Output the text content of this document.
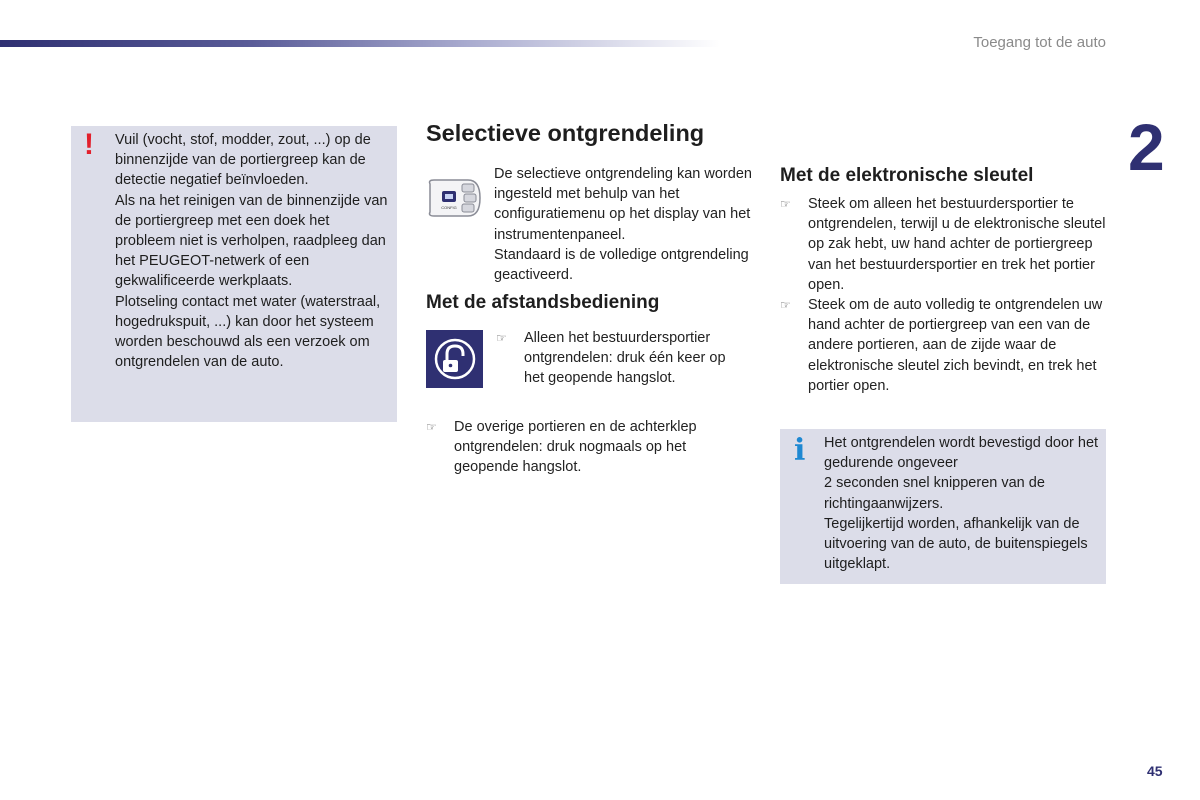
Toegang tot de auto
2
! Vuil (vocht, stof, modder, zout, ...) op de binnenzijde van de portiergreep kan de detectie negatief beïnvloeden.

Als na het reinigen van de binnenzijde van de portiergreep met een doek het probleem niet is verholpen, raadpleeg dan het PEUGEOT-netwerk of een gekwalificeerde werkplaats.

Plotseling contact met water (waterstraal, hogedrukspuit, ...) kan door het systeem worden beschouwd als een verzoek om ontgrendelen van de auto.

Selectieve ontgrendeling
CONFIG

De selectieve ontgrendeling kan worden ingesteld met behulp van het configuratiemenu op het display van het instrumentenpaneel.

Standaard is de volledige ontgrendeling geactiveerd.

Met de afstandsbediening
☞ Alleen het bestuurdersportier ontgrendelen: druk één keer op het geopende hangslot.
☞ De overige portieren en de achterklep ontgrendelen: druk nogmaals op het geopende hangslot.
Met de elektronische sleutel
☞ Steek om alleen het bestuurdersportier te ontgrendelen, terwijl u de elektronische sleutel op zak hebt, uw hand achter de portiergreep van het bestuurdersportier en trek het portier open.
☞ Steek om de auto volledig te ontgrendelen uw hand achter de portiergreep van een van de andere portieren, aan de zijde waar de elektronische sleutel zich bevindt, en trek het portier open.
i Het ontgrendelen wordt bevestigd door het gedurende ongeveer

2 seconden snel knipperen van de richtingaanwijzers.

Tegelijkertijd worden, afhankelijk van de uitvoering van de auto, de buitenspiegels uitgeklapt.

45
